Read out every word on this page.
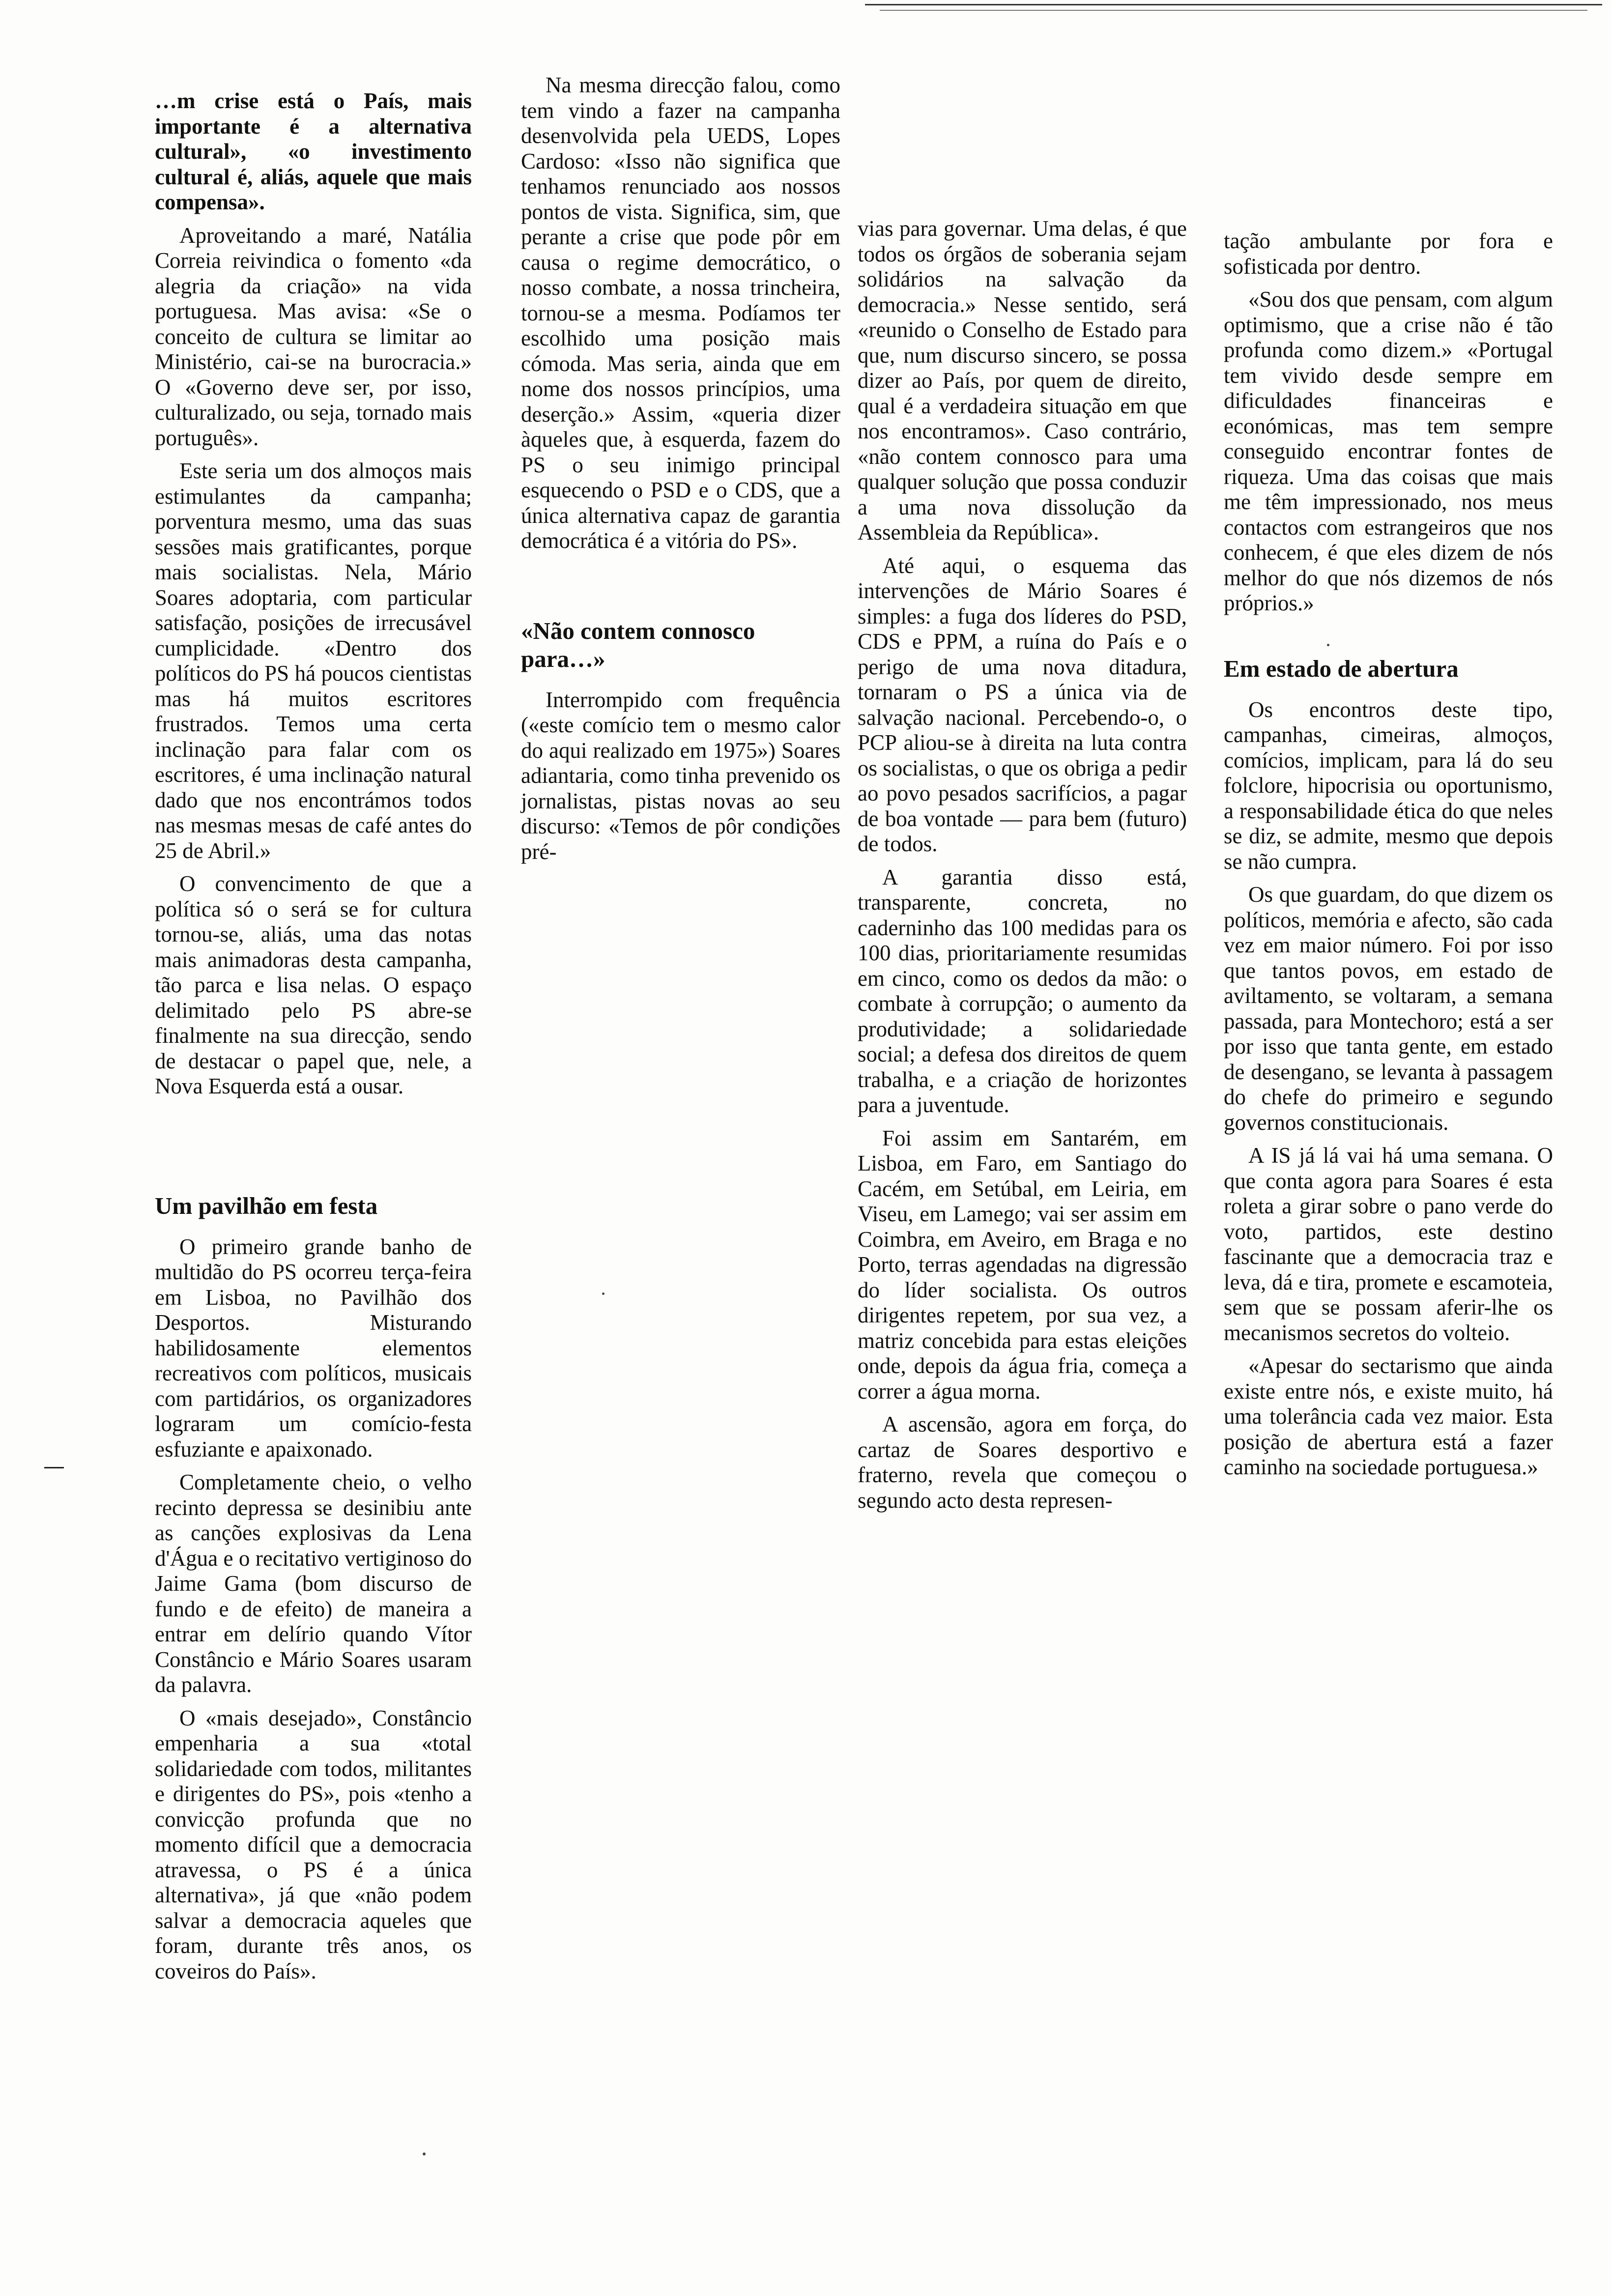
…m crise está o País, mais importante é a alternativa cultural», «o investimento cultural é, aliás, aquele que mais compensa».

Aproveitando a maré, Natália Correia reivindica o fomento «da alegria da criação» na vida portuguesa. Mas avisa: «Se o conceito de cultura se limitar ao Ministério, cai-se na burocracia.» O «Governo deve ser, por isso, culturalizado, ou seja, tornado mais português».

Este seria um dos almoços mais estimulantes da campanha; porventura mesmo, uma das suas sessões mais gratificantes, porque mais socialistas. Nela, Mário Soares adoptaria, com particular satisfação, posições de irrecusável cumplicidade. «Dentro dos políticos do PS há poucos cientistas mas há muitos escritores frustrados. Temos uma certa inclinação para falar com os escritores, é uma inclinação natural dado que nos encontrámos todos nas mesmas mesas de café antes do 25 de Abril.»

O convencimento de que a política só o será se for cultura tornou-se, aliás, uma das notas mais animadoras desta campanha, tão parca e lisa nelas. O espaço delimitado pelo PS abre-se finalmente na sua direcção, sendo de destacar o papel que, nele, a Nova Esquerda está a ousar.

Um pavilhão em festa

O primeiro grande banho de multidão do PS ocorreu terça-feira em Lisboa, no Pavilhão dos Desportos. Misturando habilidosamente elementos recreativos com políticos, musicais com partidários, os organizadores lograram um comício-festa esfuziante e apaixonado.

Completamente cheio, o velho recinto depressa se desinibiu ante as canções explosivas da Lena d'Água e o recitativo vertiginoso do Jaime Gama (bom discurso de fundo e de efeito) de maneira a entrar em delírio quando Vítor Constâncio e Mário Soares usaram da palavra.

O «mais desejado», Constâncio empenharia a sua «total solidariedade com todos, militantes e dirigentes do PS», pois «tenho a convicção profunda que no momento difícil que a democracia atravessa, o PS é a única alternativa», já que «não podem salvar a democracia aqueles que foram, durante três anos, os coveiros do País».

Na mesma direcção falou, como tem vindo a fazer na campanha desenvolvida pela UEDS, Lopes Cardoso: «Isso não significa que tenhamos renunciado aos nossos pontos de vista. Significa, sim, que perante a crise que pode pôr em causa o regime democrático, o nosso combate, a nossa trincheira, tornou-se a mesma. Podíamos ter escolhido uma posição mais cómoda. Mas seria, ainda que em nome dos nossos princípios, uma deserção.» Assim, «queria dizer àqueles que, à esquerda, fazem do PS o seu inimigo principal esquecendo o PSD e o CDS, que a única alternativa capaz de garantia democrática é a vitória do PS».

«Não contem connosco para…»

Interrompido com frequência («este comício tem o mesmo calor do aqui realizado em 1975») Soares adiantaria, como tinha prevenido os jornalistas, pistas novas ao seu discurso: «Temos de pôr condições pré-

vias para governar. Uma delas, é que todos os órgãos de soberania sejam solidários na salvação da democracia.» Nesse sentido, será «reunido o Conselho de Estado para que, num discurso sincero, se possa dizer ao País, por quem de direito, qual é a verdadeira situação em que nos encontramos». Caso contrário, «não contem connosco para uma qualquer solução que possa conduzir a uma nova dissolução da Assembleia da República».

Até aqui, o esquema das intervenções de Mário Soares é simples: a fuga dos líderes do PSD, CDS e PPM, a ruína do País e o perigo de uma nova ditadura, tornaram o PS a única via de salvação nacional. Percebendo-o, o PCP aliou-se à direita na luta contra os socialistas, o que os obriga a pedir ao povo pesados sacrifícios, a pagar de boa vontade — para bem (futuro) de todos.

A garantia disso está, transparente, concreta, no caderninho das 100 medidas para os 100 dias, prioritariamente resumidas em cinco, como os dedos da mão: o combate à corrupção; o aumento da produtividade; a solidariedade social; a defesa dos direitos de quem trabalha, e a criação de horizontes para a juventude.

Foi assim em Santarém, em Lisboa, em Faro, em Santiago do Cacém, em Setúbal, em Leiria, em Viseu, em Lamego; vai ser assim em Coimbra, em Aveiro, em Braga e no Porto, terras agendadas na digressão do líder socialista. Os outros dirigentes repetem, por sua vez, a matriz concebida para estas eleições onde, depois da água fria, começa a correr a água morna.

A ascensão, agora em força, do cartaz de Soares desportivo e fraterno, revela que começou o segundo acto desta represen-

tação ambulante por fora e sofisticada por dentro.

«Sou dos que pensam, com algum optimismo, que a crise não é tão profunda como dizem.» «Portugal tem vivido desde sempre em dificuldades financeiras e económicas, mas tem sempre conseguido encontrar fontes de riqueza. Uma das coisas que mais me têm impressionado, nos meus contactos com estrangeiros que nos conhecem, é que eles dizem de nós melhor do que nós dizemos de nós próprios.»

Em estado de abertura

Os encontros deste tipo, campanhas, cimeiras, almoços, comícios, implicam, para lá do seu folclore, hipocrisia ou oportunismo, a responsabilidade ética do que neles se diz, se admite, mesmo que depois se não cumpra.

Os que guardam, do que dizem os políticos, memória e afecto, são cada vez em maior número. Foi por isso que tantos povos, em estado de aviltamento, se voltaram, a semana passada, para Montechoro; está a ser por isso que tanta gente, em estado de desengano, se levanta à passagem do chefe do primeiro e segundo governos constitucionais.

A IS já lá vai há uma semana. O que conta agora para Soares é esta roleta a girar sobre o pano verde do voto, partidos, este destino fascinante que a democracia traz e leva, dá e tira, promete e escamoteia, sem que se possam aferir-lhe os mecanismos secretos do volteio.

«Apesar do sectarismo que ainda existe entre nós, e existe muito, há uma tolerância cada vez maior. Esta posição de abertura está a fazer caminho na sociedade portuguesa.»
